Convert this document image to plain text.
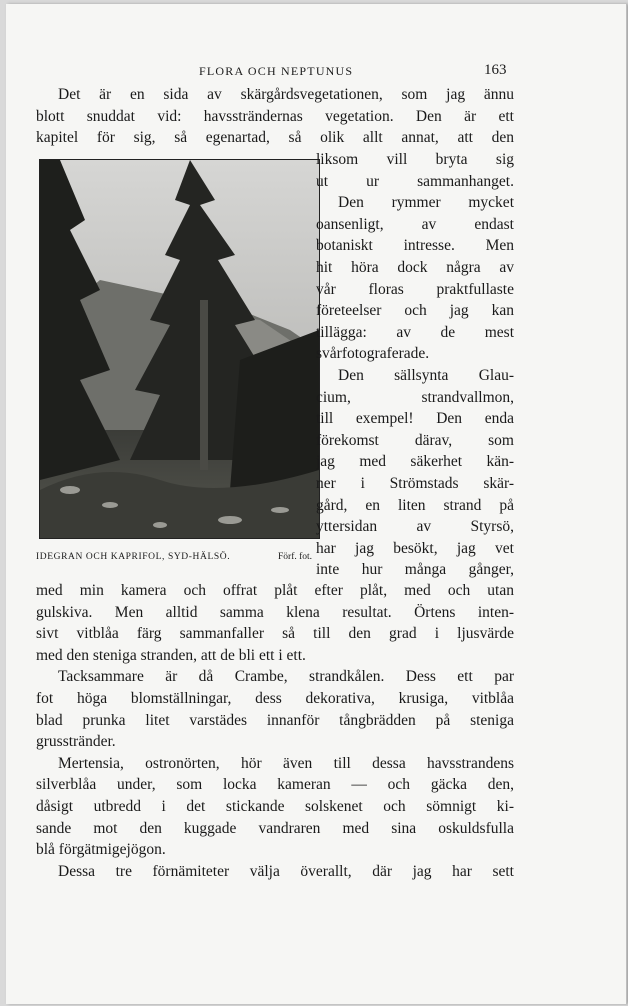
FLORA OCH NEPTUNUS	163
Det är en sida av skärgårdsvegetationen, som jag ännu
blott snuddat vid: havssträndernas vegetation. Den är ett
kapitel för sig, så egenartad, så olik allt annat, att den
liksom vill bryta sig
ut ur sammanhanget.
Den rymmer mycket
oansenligt, av endast
botaniskt intresse. Men
hit höra dock några av
vår floras praktfullaste
företeelser och jag kan
tillägga: av de mest
svårfotograferade.
Den sällsynta Glau-
cium, strandvallmon,
till exempel! Den enda
förekomst därav, som
jag med säkerhet kän-
ner i Strömstads skär-
gård, en liten strand på
yttersidan av Styrsö,
har jag besökt, jag vet
inte hur många gånger,
IDEGRAN OCH KAPRIFOL, SYD-HÄLSÖ.	Förf. fot.
med min kamera och offrat plåt efter plåt, med och utan
gulskiva. Men alltid samma klena resultat. Örtens inten-
sivt vitblåa färg sammanfaller så till den grad i ljusvärde
med den steniga stranden, att de bli ett i ett.
Tacksammare är då Crambe, strandkålen. Dess ett par
fot höga blomställningar, dess dekorativa, krusiga, vitblåa
blad prunka litet varstädes innanför tångbrädden på steniga
grusstränder.
Mertensia, ostronörten, hör även till dessa havsstrandens
silverblåa under, som locka kameran — och gäcka den,
dåsigt utbredd i det stickande solskenet och sömnigt ki-
sande mot den kuggade vandraren med sina oskuldsfulla
blå förgätmigejögon.
Dessa tre förnämiteter välja överallt, där jag har sett
